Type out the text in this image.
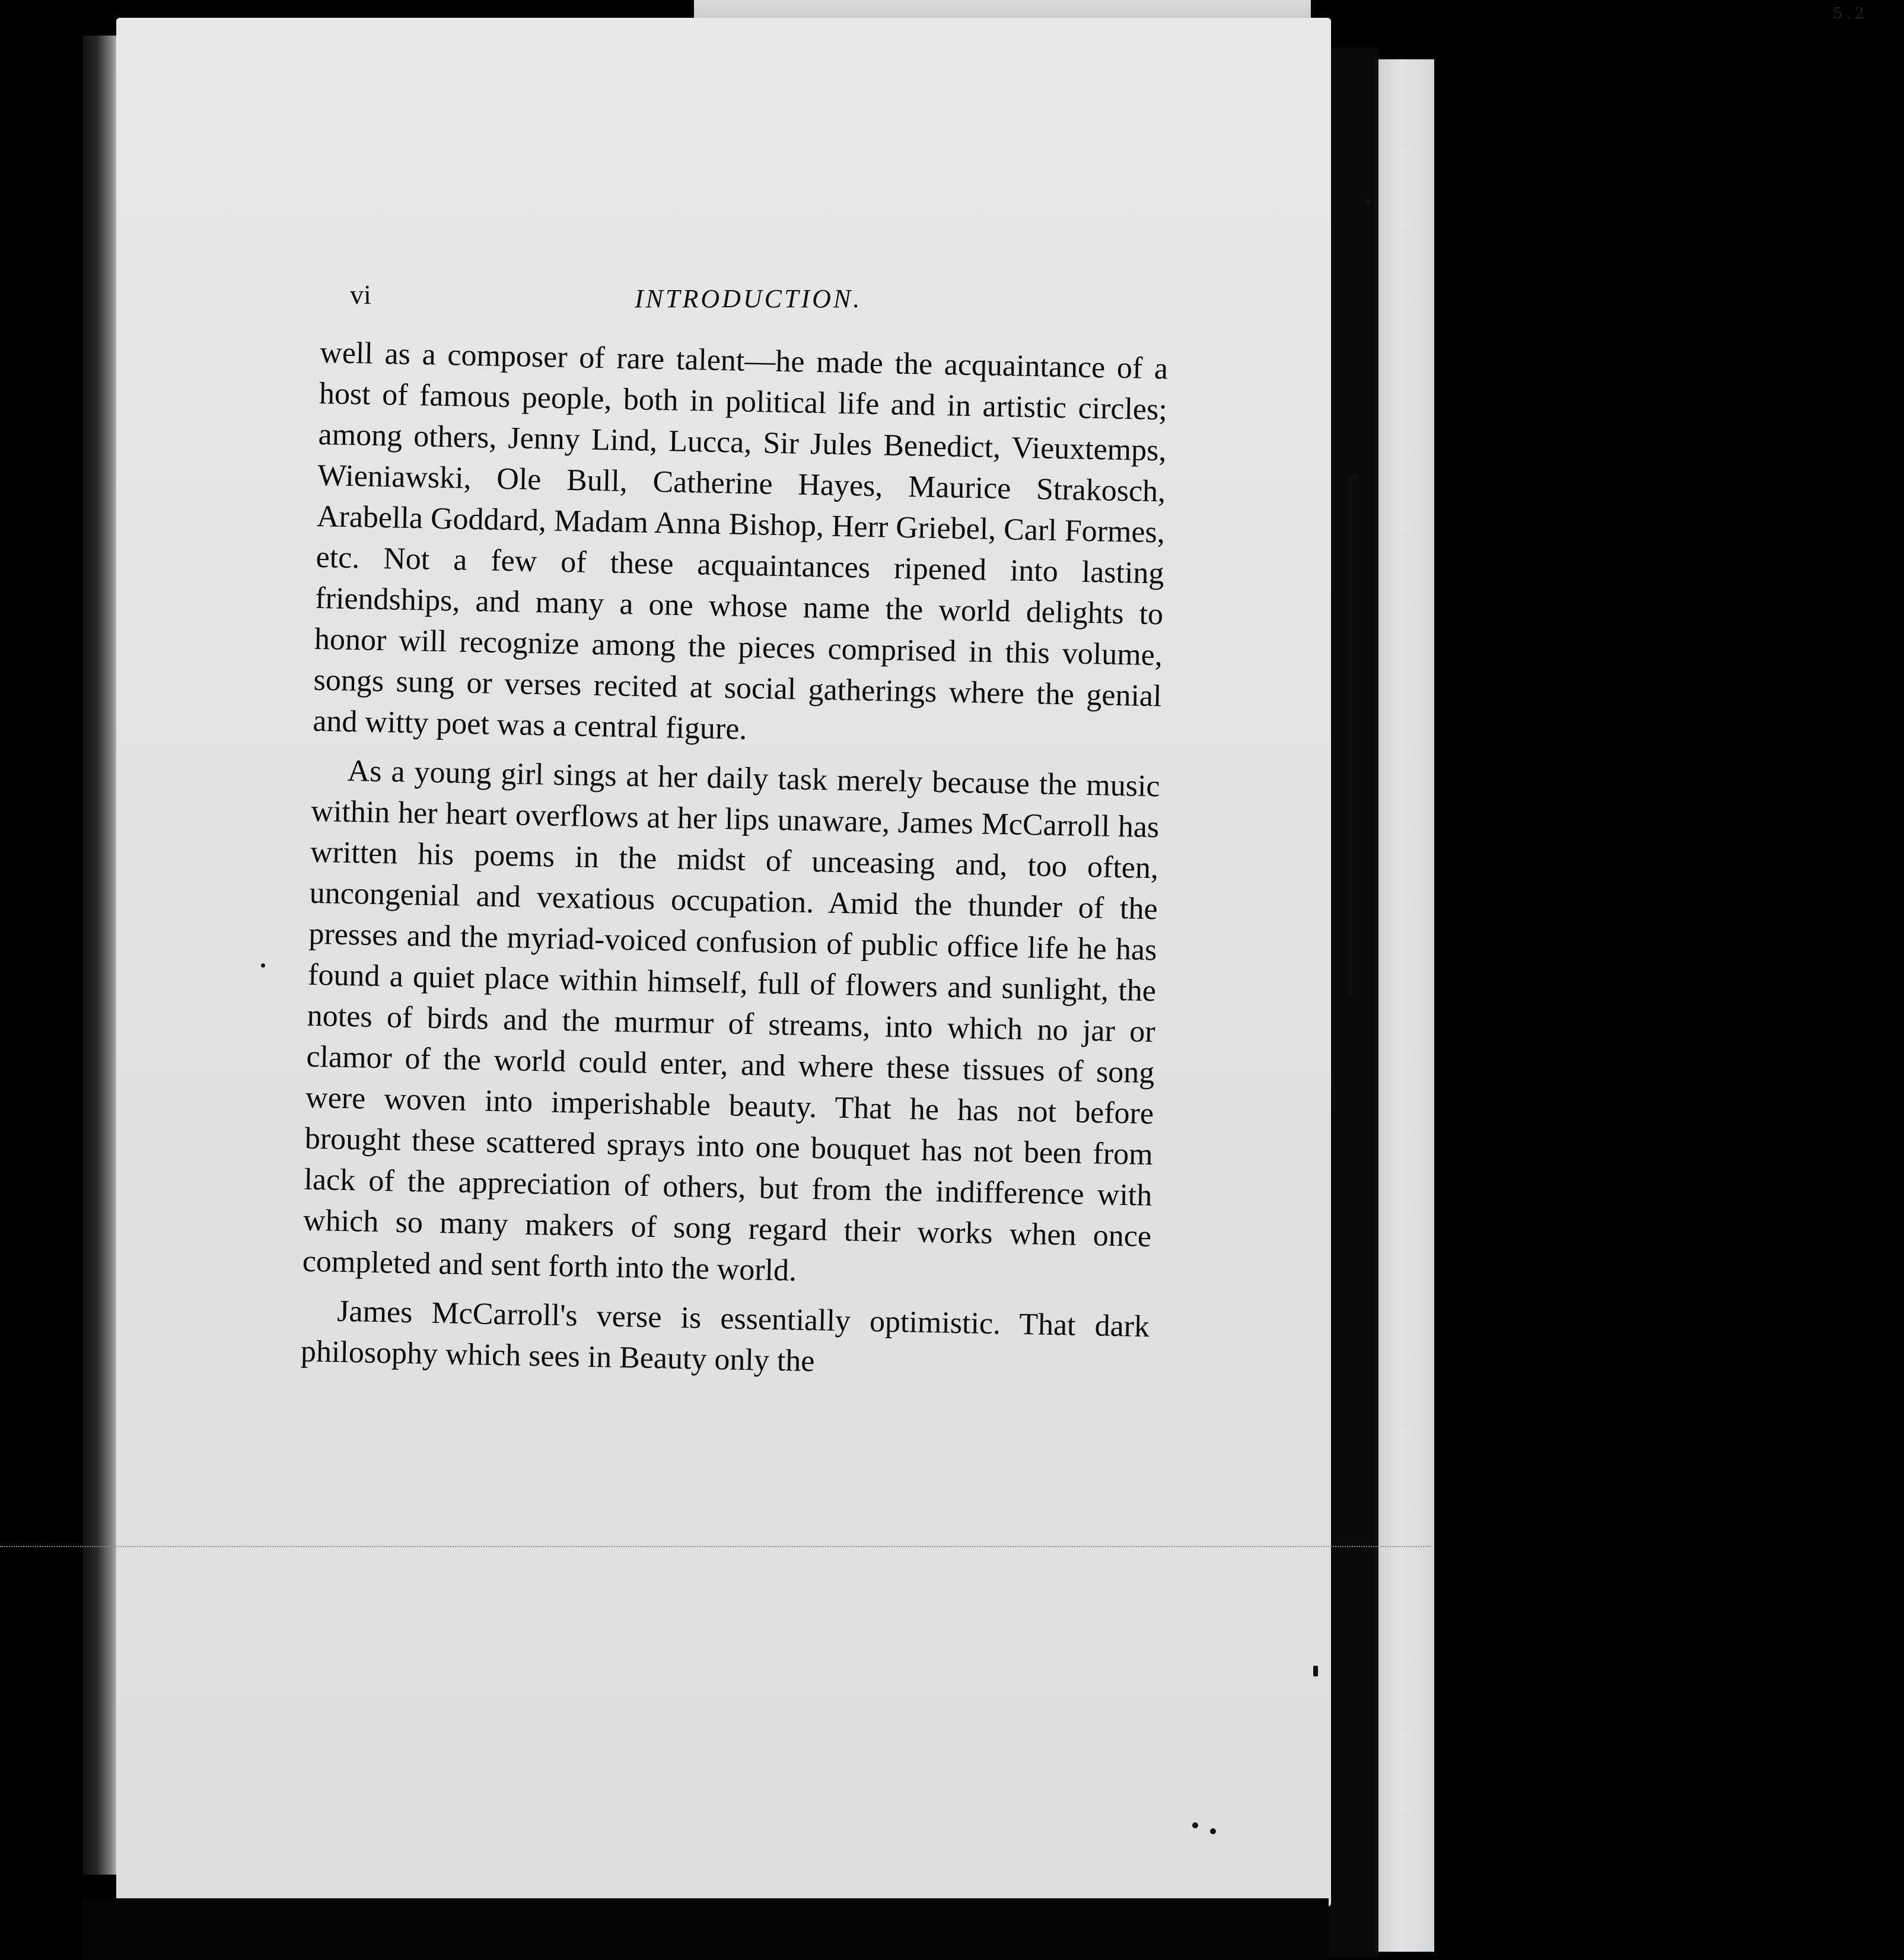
5.2
vi	INTRODUCTION.

well as a composer of rare talent—he made the acquaintance of a host of famous people, both in political life and in artistic circles; among others, Jenny Lind, Lucca, Sir Jules Benedict, Vieuxtemps, Wieniawski, Ole Bull, Catherine Hayes, Maurice Strakosch, Arabella Goddard, Madam Anna Bishop, Herr Griebel, Carl Formes, etc. Not a few of these acquaintances ripened into lasting friendships, and many a one whose name the world delights to honor will recognize among the pieces comprised in this volume, songs sung or verses recited at social gatherings where the genial and witty poet was a central figure.

As a young girl sings at her daily task merely because the music within her heart overflows at her lips unaware, James McCarroll has written his poems in the midst of unceasing and, too often, uncongenial and vexatious occupation. Amid the thunder of the presses and the myriad-voiced confusion of public office life he has found a quiet place within himself, full of flowers and sunlight, the notes of birds and the murmur of streams, into which no jar or clamor of the world could enter, and where these tissues of song were woven into imperishable beauty. That he has not before brought these scattered sprays into one bouquet has not been from lack of the appreciation of others, but from the indifference with which so many makers of song regard their works when once completed and sent forth into the world.

James McCarroll's verse is essentially optimistic. That dark philosophy which sees in Beauty only the
